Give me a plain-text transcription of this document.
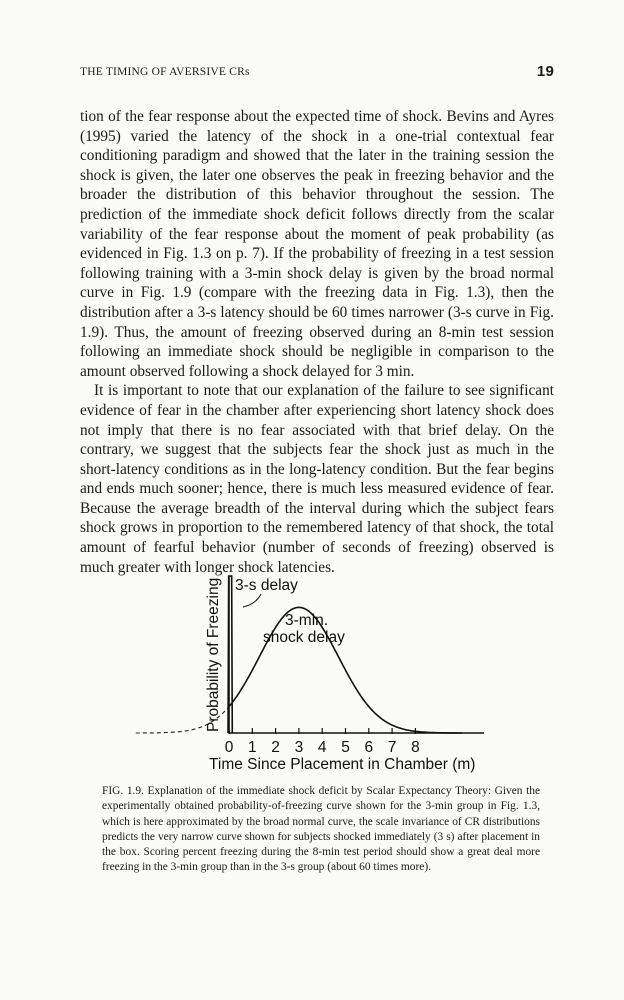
THE TIMING OF AVERSIVE CRs	19

tion of the fear response about the expected time of shock. Bevins and Ayres (1995) varied the latency of the shock in a one-trial contextual fear conditioning paradigm and showed that the later in the training session the shock is given, the later one observes the peak in freezing behavior and the broader the distribution of this behavior throughout the session. The prediction of the immediate shock deficit follows directly from the scalar variability of the fear response about the moment of peak probability (as evidenced in Fig. 1.3 on p. 7). If the probability of freezing in a test session following training with a 3-min shock delay is given by the broad normal curve in Fig. 1.9 (compare with the freezing data in Fig. 1.3), then the distribution after a 3-s latency should be 60 times narrower (3-s curve in Fig. 1.9). Thus, the amount of freezing observed during an 8-min test session following an immediate shock should be negligible in comparison to the amount observed following a shock delayed for 3 min.

It is important to note that our explanation of the failure to see significant evidence of fear in the chamber after experiencing short latency shock does not imply that there is no fear associated with that brief delay. On the contrary, we suggest that the subjects fear the shock just as much in the short-latency conditions as in the long-latency condition. But the fear begins and ends much sooner; hence, there is much less measured evidence of fear. Because the average breadth of the interval during which the subject fears shock grows in proportion to the remembered latency of that shock, the total amount of fearful behavior (number of seconds of freezing) observed is much greater with longer shock latencies.

0 1 2 3 4 5 6 7 8
Probability of Freezing
Time Since Placement in Chamber (m)
3-s delay
3-min.
shock delay
FIG. 1.9. Explanation of the immediate shock deficit by Scalar Expectancy Theory: Given the experimentally obtained probability-of-freezing curve shown for the 3-min group in Fig. 1.3, which is here approximated by the broad normal curve, the scale invariance of CR distributions predicts the very narrow curve shown for subjects shocked immediately (3 s) after placement in the box. Scoring percent freezing during the 8-min test period should show a great deal more freezing in the 3-min group than in the 3-s group (about 60 times more).
